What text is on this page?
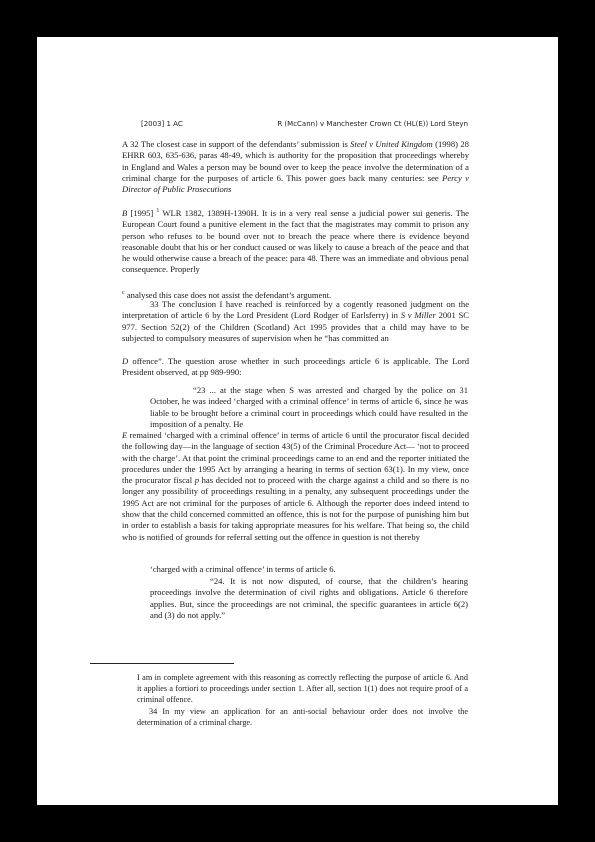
[2003] 1 AC	R (McCann) v Manchester Crown Ct (HL(E)) Lord Steyn

A 32 The closest case in support of the defendants’ submission is Steel v United Kingdom (1998) 28 EHRR 603, 635-636, paras 48-49, which is authority for the proposition that proceedings whereby in England and Wales a person may be bound over to keep the peace involve the determination of a criminal charge for the purposes of article 6. This power goes back many centuries: see Percy v Director of Public Prosecutions

B [1995] $^1$ WLR 1382, 1389H-1390H. It is in a very real sense a judicial power sui generis. The European Court found a punitive element in the fact that the magistrates may commit to prison any person who refuses to be bound over not to breach the peace where there is evidence beyond reasonable doubt that his or her conduct caused or was likely to cause a breach of the peace and that he would otherwise cause a breach of the peace: para 48. There was an immediate and obvious penal consequence. Properly

$^c$ analysed this case does not assist the defendant’s argument.

33 The conclusion I have reached is reinforced by a cogently reasoned judgment on the interpretation of article 6 by the Lord President (Lord Rodger of Earlsferry) in S v Miller 2001 SC 977. Section 52(2) of the Children (Scotland) Act 1995 provides that a child may have to be subjected to compulsory measures of supervision when he “has committed an

D offence”. The question arose whether in such proceedings article 6 is applicable. The Lord President observed, at pp 989-990:

“23 ... at the stage when S was arrested and charged by the police on 31 October, he was indeed ‘charged with a criminal offence’ in terms of article 6, since he was liable to be brought before a criminal court in proceedings which could have resulted in the imposition of a penalty. He

E remained ‘charged with a criminal offence’ in terms of article 6 until the procurator fiscal decided the following day—in the language of section 43(5) of the Criminal Procedure Act— ‘not to proceed with the charge’. At that point the criminal proceedings came to an end and the reporter initiated the procedures under the 1995 Act by arranging a hearing in terms of section 63(1). In my view, once the procurator fiscal p has decided not to proceed with the charge against a child and so there is no longer any possibility of proceedings resulting in a penalty, any subsequent proceedings under the 1995 Act are not criminal for the purposes of article 6. Although the reporter does indeed intend to show that the child concerned committed an offence, this is not for the purpose of punishing him but in order to establish a basis for taking appropriate measures for his welfare. That being so, the child who is notified of grounds for referral setting out the offence in question is not thereby

‘charged with a criminal offence’ in terms of article 6.

“24. It is not now disputed, of course, that the children’s hearing proceedings involve the determination of civil rights and obligations. Article 6 therefore applies. But, since the proceedings are not criminal, the specific guarantees in article 6(2) and (3) do not apply.”

I am in complete agreement with this reasoning as correctly reflecting the purpose of article 6. And it applies a fortiori to proceedings under section 1. After all, section 1(1) does not require proof of a criminal offence.

34 In my view an application for an anti-social behaviour order does not involve the determination of a criminal charge.
